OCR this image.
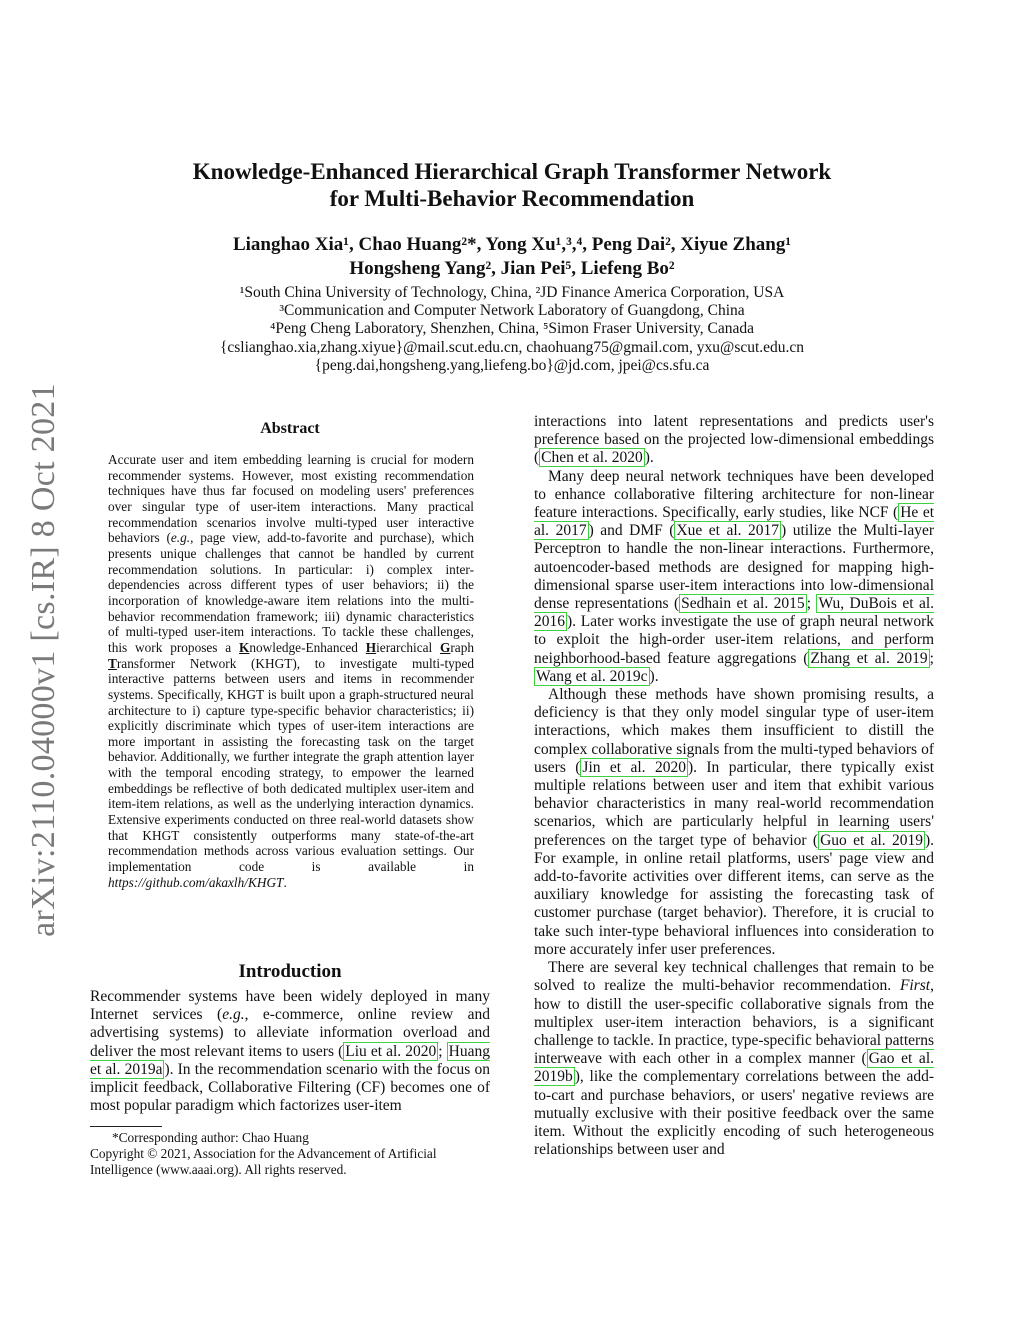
arXiv:2110.04000v1 [cs.IR] 8 Oct 2021
Knowledge-Enhanced Hierarchical Graph Transformer Network
for Multi-Behavior Recommendation
Lianghao Xia¹, Chao Huang²*, Yong Xu¹,³,⁴, Peng Dai², Xiyue Zhang¹
Hongsheng Yang², Jian Pei⁵, Liefeng Bo²
¹South China University of Technology, China, ²JD Finance America Corporation, USA
³Communication and Computer Network Laboratory of Guangdong, China
⁴Peng Cheng Laboratory, Shenzhen, China, ⁵Simon Fraser University, Canada
{cslianghao.xia,zhang.xiyue}@mail.scut.edu.cn, chaohuang75@gmail.com, yxu@scut.edu.cn
{peng.dai,hongsheng.yang,liefeng.bo}@jd.com, jpei@cs.sfu.ca
Abstract

Accurate user and item embedding learning is crucial for modern recommender systems. However, most existing recommendation techniques have thus far focused on modeling users' preferences over singular type of user-item interactions. Many practical recommendation scenarios involve multi-typed user interactive behaviors (e.g., page view, add-to-favorite and purchase), which presents unique challenges that cannot be handled by current recommendation solutions. In particular: i) complex inter-dependencies across different types of user behaviors; ii) the incorporation of knowledge-aware item relations into the multi-behavior recommendation framework; iii) dynamic characteristics of multi-typed user-item interactions. To tackle these challenges, this work proposes a Knowledge-Enhanced Hierarchical Graph Transformer Network (KHGT), to investigate multi-typed interactive patterns between users and items in recommender systems. Specifically, KHGT is built upon a graph-structured neural architecture to i) capture type-specific behavior characteristics; ii) explicitly discriminate which types of user-item interactions are more important in assisting the forecasting task on the target behavior. Additionally, we further integrate the graph attention layer with the temporal encoding strategy, to empower the learned embeddings be reflective of both dedicated multiplex user-item and item-item relations, as well as the underlying interaction dynamics. Extensive experiments conducted on three real-world datasets show that KHGT consistently outperforms many state-of-the-art recommendation methods across various evaluation settings. Our implementation code is available in https://github.com/akaxlh/KHGT.

Introduction

Recommender systems have been widely deployed in many Internet services (e.g., e-commerce, online review and advertising systems) to alleviate information overload and deliver the most relevant items to users ( Liu et al. 2020 ; Huang et al. 2019a ). In the recommendation scenario with the focus on implicit feedback, Collaborative Filtering (CF) becomes one of most popular paradigm which factorizes user-item

*Corresponding author: Chao Huang

Copyright © 2021, Association for the Advancement of Artificial Intelligence (www.aaai.org). All rights reserved.

interactions into latent representations and predicts user's preference based on the projected low-dimensional embeddings ( Chen et al. 2020 ).

Many deep neural network techniques have been developed to enhance collaborative filtering architecture for non-linear feature interactions. Specifically, early studies, like NCF ( He et al. 2017 ) and DMF ( Xue et al. 2017 ) utilize the Multi-layer Perceptron to handle the non-linear interactions. Furthermore, autoencoder-based methods are designed for mapping high-dimensional sparse user-item interactions into low-dimensional dense representations ( Sedhain et al. 2015 ; Wu, DuBois et al. 2016 ). Later works investigate the use of graph neural network to exploit the high-order user-item relations, and perform neighborhood-based feature aggregations ( Zhang et al. 2019 ; Wang et al. 2019c ).

Although these methods have shown promising results, a deficiency is that they only model singular type of user-item interactions, which makes them insufficient to distill the complex collaborative signals from the multi-typed behaviors of users ( Jin et al. 2020 ). In particular, there typically exist multiple relations between user and item that exhibit various behavior characteristics in many real-world recommendation scenarios, which are particularly helpful in learning users' preferences on the target type of behavior ( Guo et al. 2019 ). For example, in online retail platforms, users' page view and add-to-favorite activities over different items, can serve as the auxiliary knowledge for assisting the forecasting task of customer purchase (target behavior). Therefore, it is crucial to take such inter-type behavioral influences into consideration to more accurately infer user preferences.

There are several key technical challenges that remain to be solved to realize the multi-behavior recommendation. First, how to distill the user-specific collaborative signals from the multiplex user-item interaction behaviors, is a significant challenge to tackle. In practice, type-specific behavioral patterns interweave with each other in a complex manner ( Gao et al. 2019b ), like the complementary correlations between the add-to-cart and purchase behaviors, or users' negative reviews are mutually exclusive with their positive feedback over the same item. Without the explicitly encoding of such heterogeneous relationships between user and
